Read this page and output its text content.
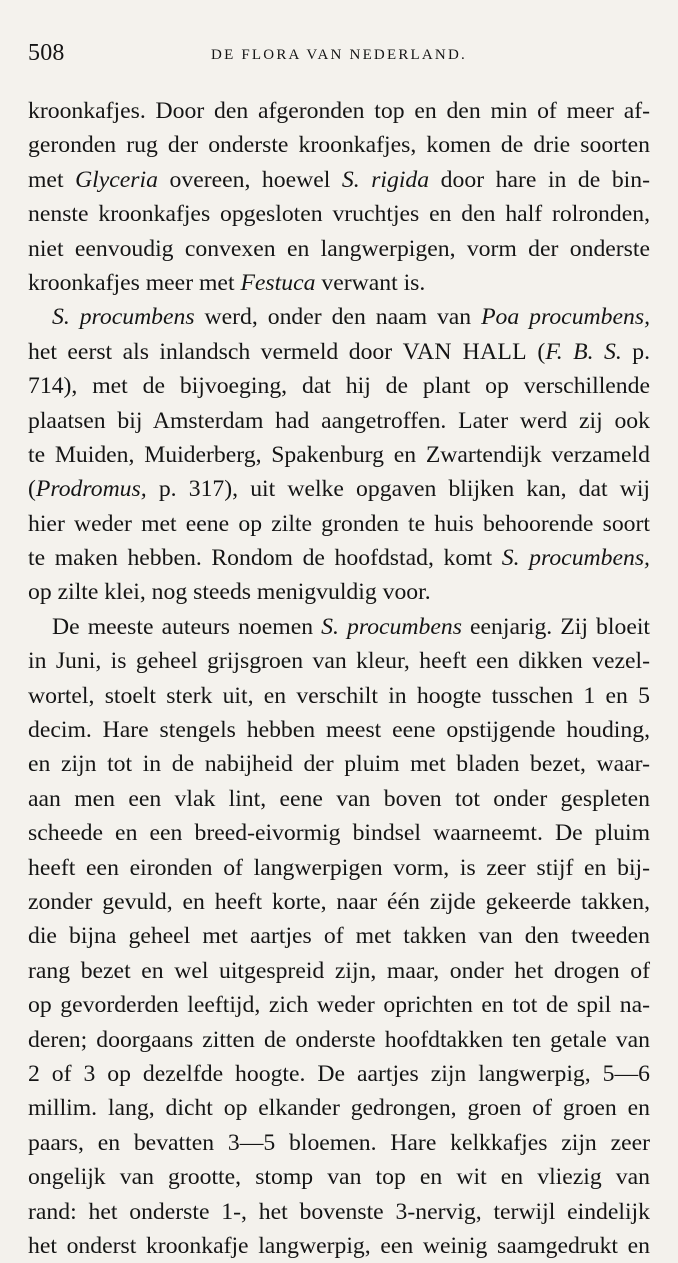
508	DE FLORA VAN NEDERLAND.
kroonkafjes. Door den afgeronden top en den min of meer af-
geronden rug der onderste kroonkafjes, komen de drie soorten
met Glyceria overeen, hoewel S. rigida door hare in de bin-
nenste kroonkafjes opgesloten vruchtjes en den half rolronden,
niet eenvoudig convexen en langwerpigen, vorm der onderste
kroonkafjes meer met Festuca verwant is.
S. procumbens werd, onder den naam van Poa procumbens,
het eerst als inlandsch vermeld door VAN HALL (F. B. S. p.
714), met de bijvoeging, dat hij de plant op verschillende
plaatsen bij Amsterdam had aangetroffen. Later werd zij ook
te Muiden, Muiderberg, Spakenburg en Zwartendijk verzameld
(Prodromus, p. 317), uit welke opgaven blijken kan, dat wij
hier weder met eene op zilte gronden te huis behoorende soort
te maken hebben. Rondom de hoofdstad, komt S. procumbens,
op zilte klei, nog steeds menigvuldig voor.
De meeste auteurs noemen S. procumbens eenjarig. Zij bloeit
in Juni, is geheel grijsgroen van kleur, heeft een dikken vezel-
wortel, stoelt sterk uit, en verschilt in hoogte tusschen 1 en 5
decim. Hare stengels hebben meest eene opstijgende houding,
en zijn tot in de nabijheid der pluim met bladen bezet, waar-
aan men een vlak lint, eene van boven tot onder gespleten
scheede en een breed-eivormig bindsel waarneemt. De pluim
heeft een eironden of langwerpigen vorm, is zeer stijf en bij-
zonder gevuld, en heeft korte, naar één zijde gekeerde takken,
die bijna geheel met aartjes of met takken van den tweeden
rang bezet en wel uitgespreid zijn, maar, onder het drogen of
op gevorderden leeftijd, zich weder oprichten en tot de spil na-
deren; doorgaans zitten de onderste hoofdtakken ten getale van
2 of 3 op dezelfde hoogte. De aartjes zijn langwerpig, 5—6
millim. lang, dicht op elkander gedrongen, groen of groen en
paars, en bevatten 3—5 bloemen. Hare kelkkafjes zijn zeer
ongelijk van grootte, stomp van top en wit en vliezig van
rand: het onderste 1-, het bovenste 3-nervig, terwijl eindelijk
het onderst kroonkafje langwerpig, een weinig saamgedrukt en
